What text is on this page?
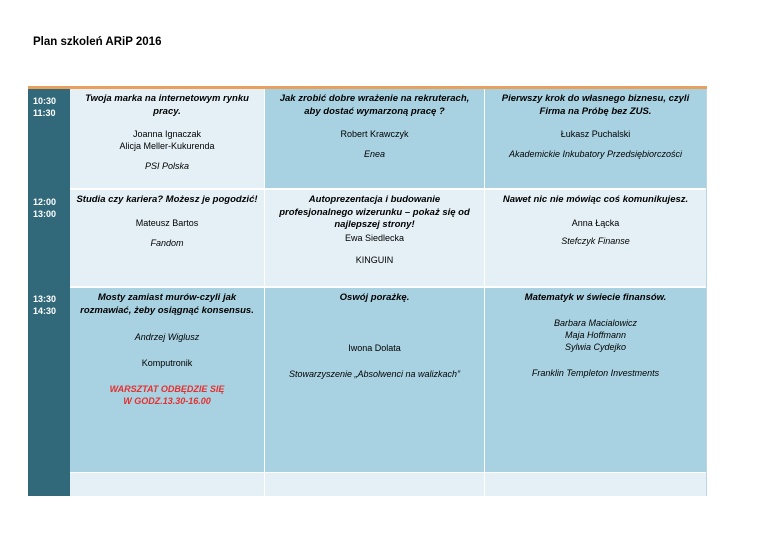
Plan szkoleń ARiP 2016
10:30
11:30
12:00
13:00
13:30
14:30
Twoja marka na internetowym rynku pracy.
Joanna Ignaczak
Alicja Meller-Kukurenda
PSI Polska
Jak zrobić dobre wrażenie na rekruterach, aby dostać wymarzoną pracę ?
Robert Krawczyk
Enea
Pierwszy krok do własnego biznesu, czyli Firma na Próbę bez ZUS.
Łukasz Puchalski
Akademickie Inkubatory Przedsiębiorczości
Studia czy kariera? Możesz je pogodzić!
Mateusz Bartos
Fandom
Autoprezentacja i budowanie profesjonalnego wizerunku – pokaż się od najlepszej strony!
Ewa Siedlecka
KINGUIN
Nawet nic nie mówiąc coś komunikujesz.
Anna Łącka
Stefczyk Finanse
Mosty zamiast murów-czyli jak rozmawiać, żeby osiągnąć konsensus.
Andrzej Wiglusz
Komputronik
WARSZTAT ODBĘDZIE SIĘ
W GODZ.13.30-16.00
Oswój porażkę.
Iwona Dolata
Stowarzyszenie „Absolwenci na walizkach”
Matematyk w świecie finansów.
Barbara Macialowicz
Maja Hoffmann
Sylwia Cydejko
Franklin Templeton Investments
